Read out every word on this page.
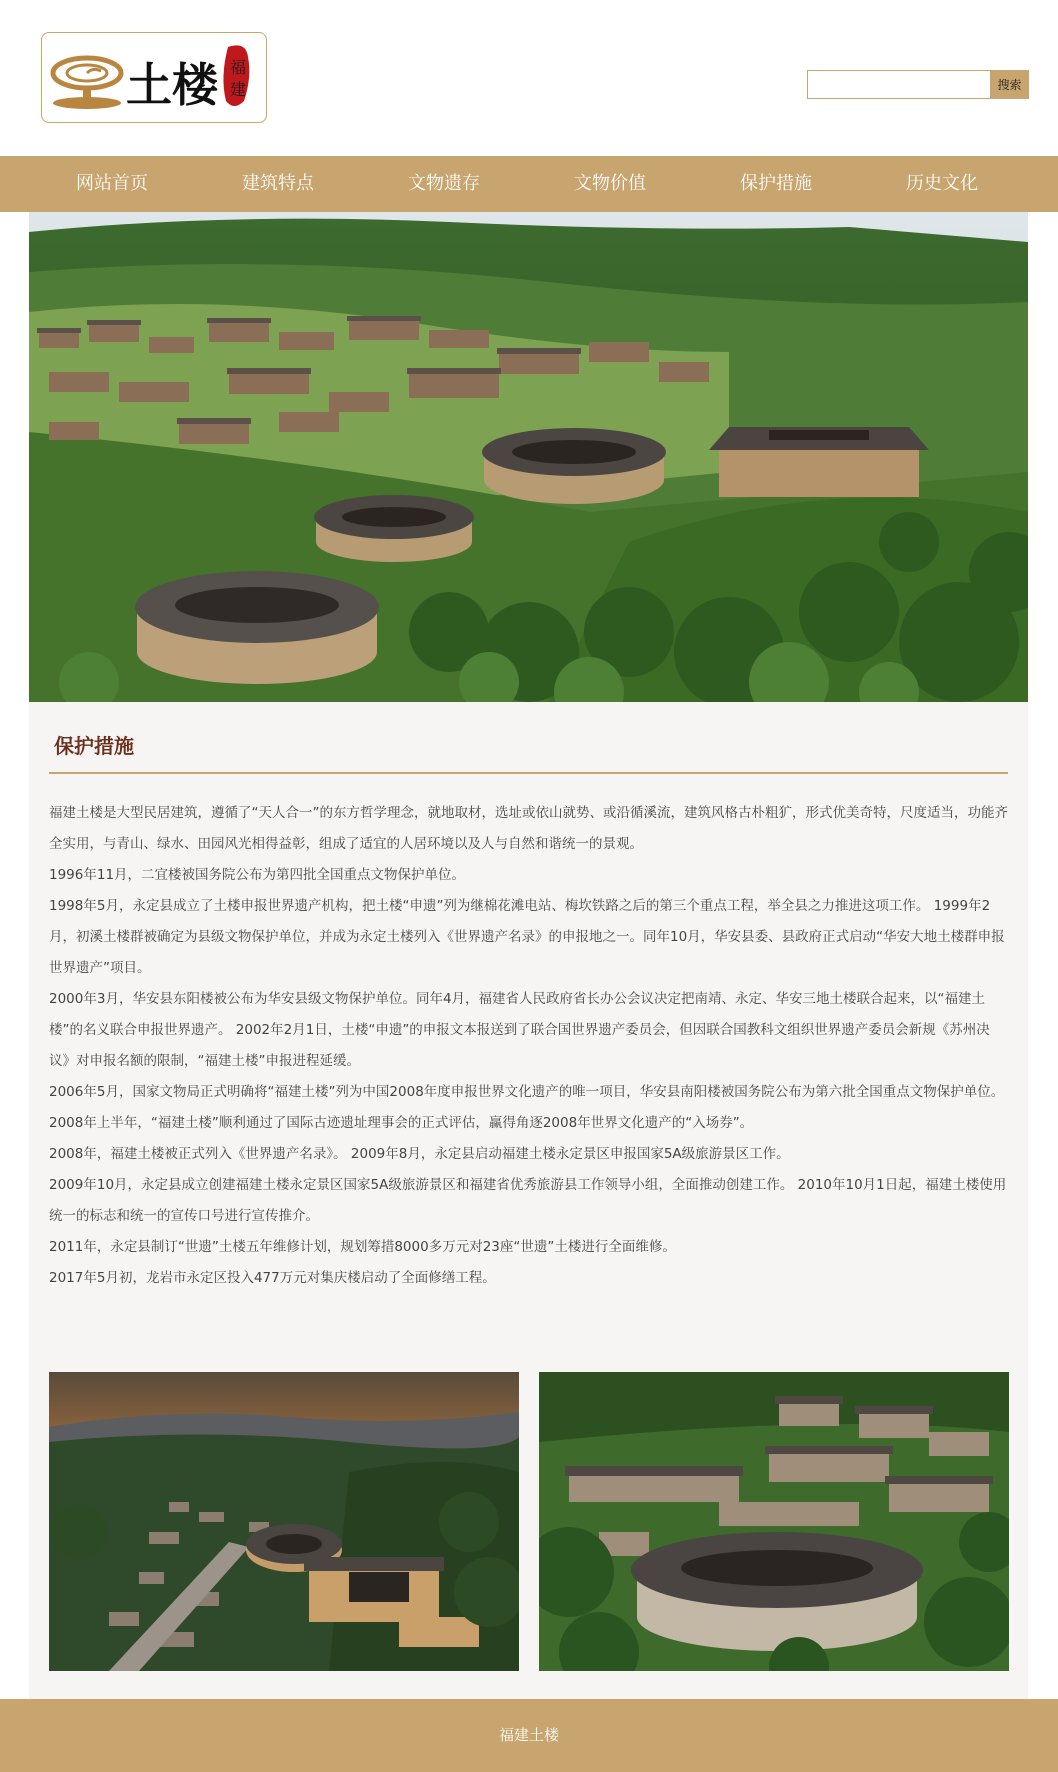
土楼 福
建	搜索
网站首页	建筑特点	文物遗存	文物价值	保护措施	历史文化
保护措施

福建土楼是大型民居建筑，遵循了“天人合一”的东方哲学理念，就地取材，选址或依山就势、或沿循溪流，建筑风格古朴粗犷，形式优美奇特，尺度适当，功能齐全实用，与青山、绿水、田园风光相得益彰，组成了适宜的人居环境以及人与自然和谐统一的景观。

1996年11月，二宜楼被国务院公布为第四批全国重点文物保护单位。

1998年5月，永定县成立了土楼申报世界遗产机构，把土楼“申遗”列为继棉花滩电站、梅坎铁路之后的第三个重点工程，举全县之力推进这项工作。 1999年2月，初溪土楼群被确定为县级文物保护单位，并成为永定土楼列入《世界遗产名录》的申报地之一。同年10月，华安县委、县政府正式启动“华安大地土楼群申报世界遗产”项目。

2000年3月，华安县东阳楼被公布为华安县级文物保护单位。同年4月，福建省人民政府省长办公会议决定把南靖、永定、华安三地土楼联合起来，以“福建土楼”的名义联合申报世界遗产。 2002年2月1日，土楼“申遗”的申报文本报送到了联合国世界遗产委员会，但因联合国教科文组织世界遗产委员会新规《苏州决议》对申报名额的限制，“福建土楼”申报进程延缓。

2006年5月，国家文物局正式明确将“福建土楼”列为中国2008年度申报世界文化遗产的唯一项目，华安县南阳楼被国务院公布为第六批全国重点文物保护单位。 2008年上半年，“福建土楼”顺利通过了国际古迹遗址理事会的正式评估，赢得角逐2008年世界文化遗产的“入场券”。

2008年，福建土楼被正式列入《世界遗产名录》。 2009年8月，永定县启动福建土楼永定景区申报国家5A级旅游景区工作。

2009年10月，永定县成立创建福建土楼永定景区国家5A级旅游景区和福建省优秀旅游县工作领导小组，全面推动创建工作。 2010年10月1日起，福建土楼使用统一的标志和统一的宣传口号进行宣传推介。

2011年，永定县制订“世遗”土楼五年维修计划，规划筹措8000多万元对23座“世遗”土楼进行全面维修。

2017年5月初，龙岩市永定区投入477万元对集庆楼启动了全面修缮工程。

福建土楼
